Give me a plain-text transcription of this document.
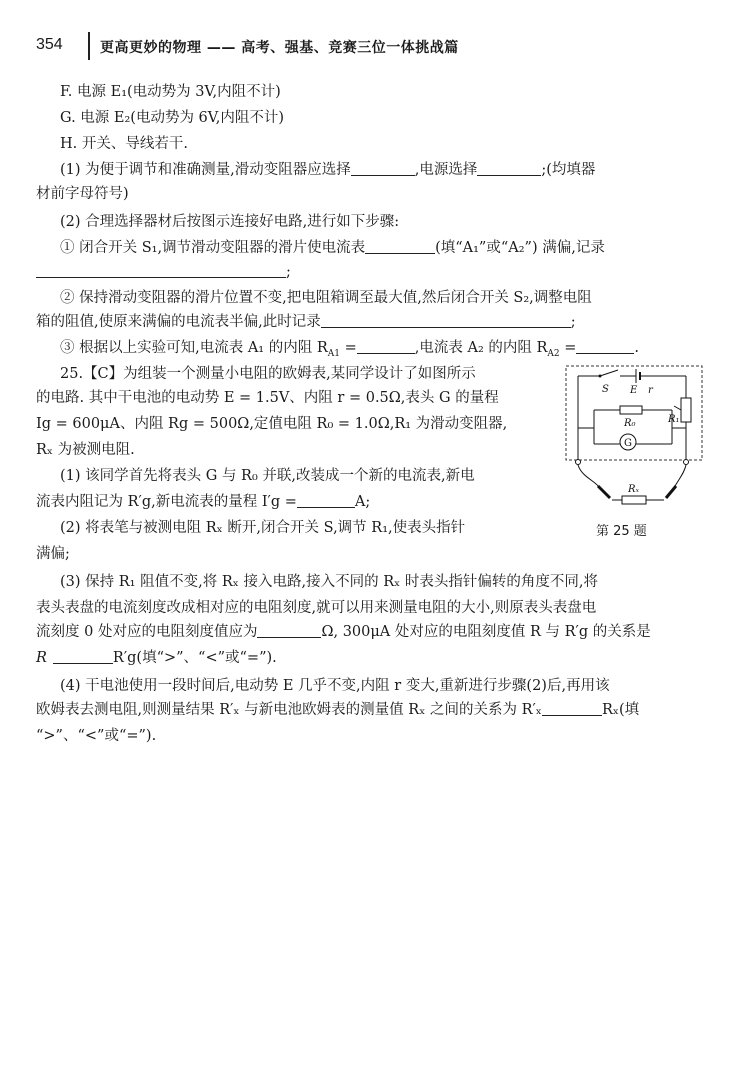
354	更高更妙的物理 —— 高考、强基、竞赛三位一体挑战篇
F. 电源 E₁(电动势为 3V,内阻不计)
G. 电源 E₂(电动势为 6V,内阻不计)
H. 开关、导线若干.
(1) 为便于调节和准确测量,滑动变阻器应选择	,电源选择	;(均填器
材前字母符号)
(2) 合理选择器材后按图示连接好电路,进行如下步骤:
① 闭合开关 S₁,调节滑动变阻器的滑片使电流表	(填“A₁”或“A₂”) 满偏,记录
;
② 保持滑动变阻器的滑片位置不变,把电阻箱调至最大值,然后闭合开关 S₂,调整电阻
箱的阻值,使原来满偏的电流表半偏,此时记录	;
③ 根据以上实验可知,电流表 A₁ 的内阻 $R_{A1}$ =	,电流表 A₂ 的内阻 $R_{A2}$ =	.
25.【C】为组装一个测量小电阻的欧姆表,某同学设计了如图所示
的电路. 其中干电池的电动势 E = 1.5V、内阻 r = 0.5Ω,表头 G 的量程
Ig = 600μA、内阻 Rg = 500Ω,定值电阻 R₀ = 1.0Ω,R₁ 为滑动变阻器,
Rₓ 为被测电阻.
(1) 该同学首先将表头 G 与 R₀ 并联,改装成一个新的电流表,新电
流表内阻记为 R′g,新电流表的量程 I′g =	A;
(2) 将表笔与被测电阻 Rₓ 断开,闭合开关 S,调节 R₁,使表头指针
满偏;
(3) 保持 R₁ 阻值不变,将 Rₓ 接入电路,接入不同的 Rₓ 时表头指针偏转的角度不同,将
表头表盘的电流刻度改成相对应的电阻刻度,就可以用来测量电阻的大小,则原表头表盘电
流刻度 0 处对应的电阻刻度值应为	Ω, 300μA 处对应的电阻刻度值 R 与 R′g 的关系是
R	R′g(填“>”、“<”或“=”).
(4) 干电池使用一段时间后,电动势 E 几乎不变,内阻 r 变大,重新进行步骤(2)后,再用该
欧姆表去测电阻,则测量结果 R′ₓ 与新电池欧姆表的测量值 Rₓ 之间的关系为 R′ₓ	Rₓ(填
“>”、“<”或“=”).
S E r
R₁
R₀
G
Rₓ
第 25 题
